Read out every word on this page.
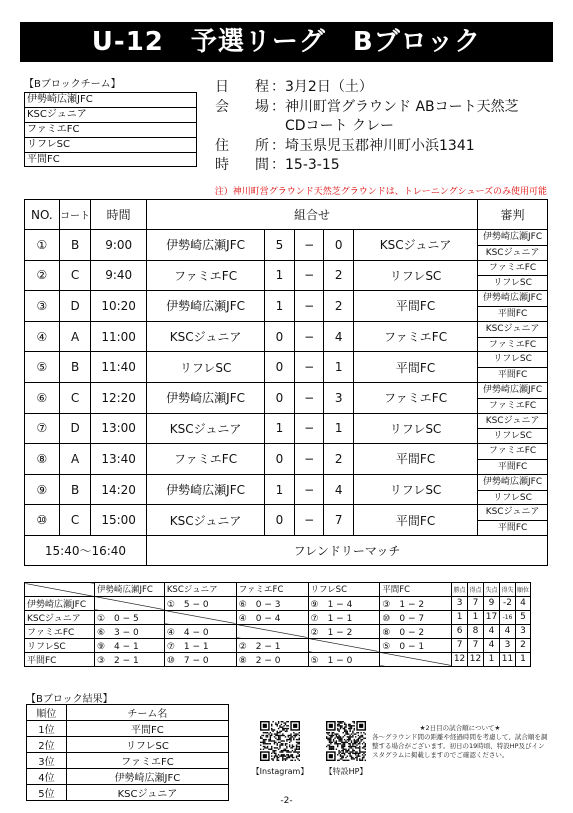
U-12　予選リーグ　Bブロック
【Bブロックチーム】
伊勢崎広瀬JFC
KSCジュニア
ファミエFC
リフレSC
平間FC
日　程
： 3月2日（土）
会　場
： 神川町営グラウンド ABコート天然芝
CDコート クレー
住　所
： 埼玉県児玉郡神川町小浜1341
時　間
： 15-3-15
注）神川町営グラウンド天然芝グラウンドは、トレーニングシューズのみ使用可能
NO.	コート	時間	組合せ					審判
①	B	9:00	伊勢崎広瀬JFC	5	−	0	KSCジュニア	伊勢崎広瀬JFC
KSCジュニア

②	C	9:40	ファミエFC	1	−	2	リフレSC	ファミエFC
リフレSC

③	D	10:20	伊勢崎広瀬JFC	1	−	2	平間FC	伊勢崎広瀬JFC
平間FC

④	A	11:00	KSCジュニア	0	−	4	ファミエFC	KSCジュニア
ファミエFC

⑤	B	11:40	リフレSC	0	−	1	平間FC	リフレSC
平間FC

⑥	C	12:20	伊勢崎広瀬JFC	0	−	3	ファミエFC	伊勢崎広瀬JFC
ファミエFC

⑦	D	13:00	KSCジュニア	1	−	1	リフレSC	KSCジュニア
リフレSC

⑧	A	13:40	ファミエFC	0	−	2	平間FC	ファミエFC
平間FC

⑨	B	14:20	伊勢崎広瀬JFC	1	−	4	リフレSC	伊勢崎広瀬JFC
リフレSC

⑩	C	15:00	KSCジュニア	0	−	7	平間FC	KSCジュニア
平間FC

15:40〜16:40			フレンドリーマッチ					
	伊勢崎広瀬JFC	KSCジュニア	ファミエFC	リフレSC	平間FC	勝点	得点	失点	得失	順位
伊勢崎広瀬JFC		①　5 − 0	⑥　0 − 3	⑨　1 − 4	③　1 − 2	3	7	9	-2	4
KSCジュニア	①　0 − 5		④　0 − 4	⑦　1 − 1	⑩　0 − 7	1	1	17	-16	5
ファミエFC	⑥　3 − 0	④　4 − 0		②　1 − 2	⑧　0 − 2	6	8	4	4	3
リフレSC	⑨　4 − 1	⑦　1 − 1	②　2 − 1		⑤　0 − 1	7	7	4	3	2
平間FC	③　2 − 1	⑩　7 − 0	⑧　2 − 0	⑤　1 − 0		12	12	1	11	1
【Bブロック結果】
順位	チーム名
1位	平間FC
2位	リフレSC
3位	ファミエFC
4位	伊勢崎広瀬JFC
5位	KSCジュニア
【Instagram】	【特設HP】
★2日目の試合順について★
各〜グラウンド間の距離や経過時間を考慮して、試合順を調整する場合がございます。初日の19時頃、特設HP及びインスタグラムに掲載しますのでご確認ください。
-2-
